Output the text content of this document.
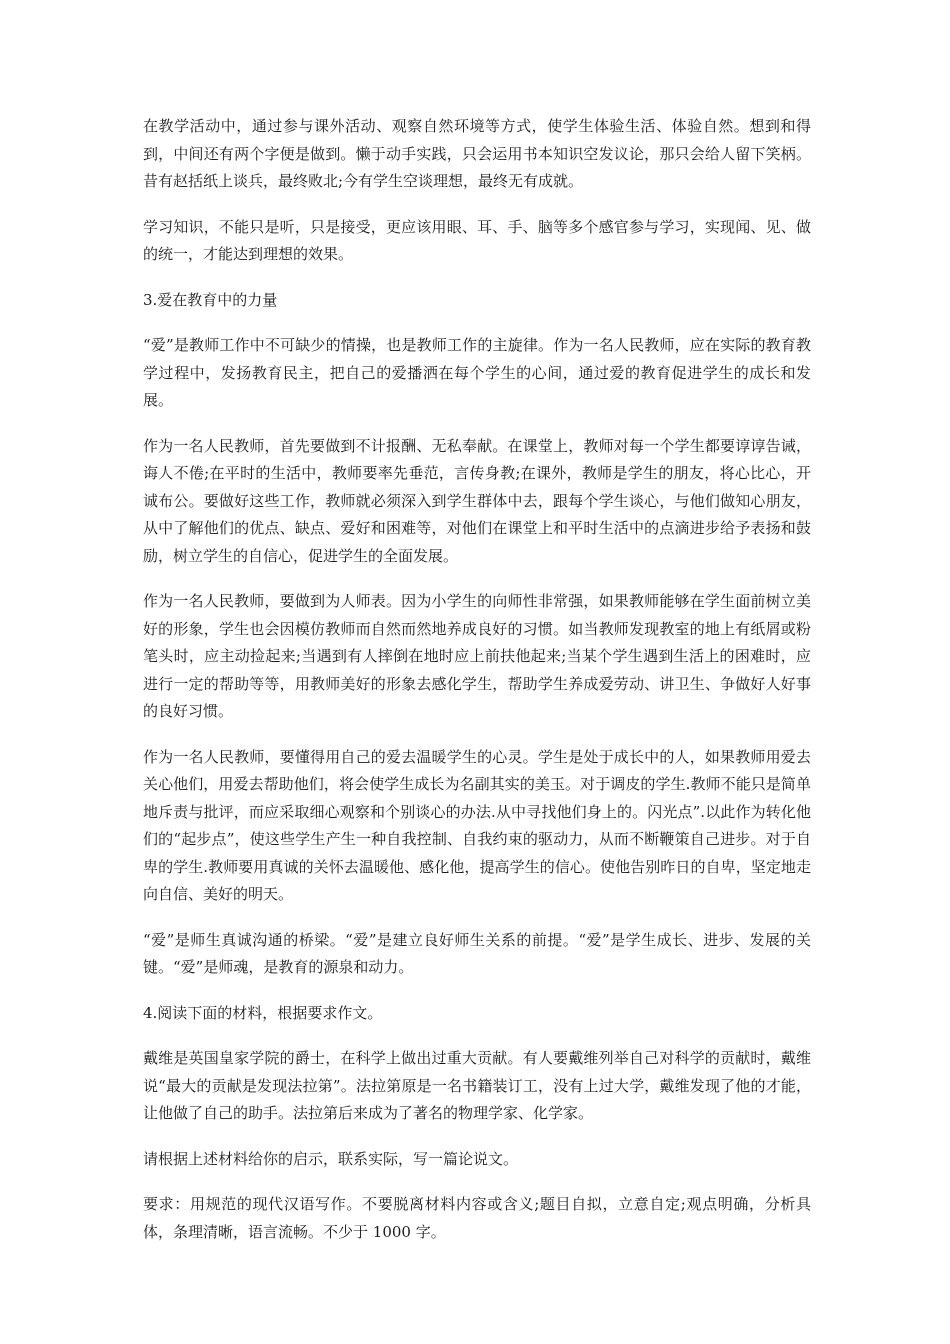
在教学活动中，通过参与课外活动、观察自然环境等方式，使学生体验生活、体验自然。想到和得到，中间还有两个字便是做到。懒于动手实践，只会运用书本知识空发议论，那只会给人留下笑柄。昔有赵括纸上谈兵，最终败北;今有学生空谈理想，最终无有成就。

学习知识，不能只是听，只是接受，更应该用眼、耳、手、脑等多个感官参与学习，实现闻、见、做的统一，才能达到理想的效果。

3.爱在教育中的力量

“爱”是教师工作中不可缺少的情操，也是教师工作的主旋律。作为一名人民教师，应在实际的教育教学过程中，发扬教育民主，把自己的爱播洒在每个学生的心间，通过爱的教育促进学生的成长和发展。

作为一名人民教师，首先要做到不计报酬、无私奉献。在课堂上，教师对每一个学生都要谆谆告诫，诲人不倦;在平时的生活中，教师要率先垂范，言传身教;在课外，教师是学生的朋友，将心比心，开诚布公。要做好这些工作，教师就必须深入到学生群体中去，跟每个学生谈心，与他们做知心朋友，从中了解他们的优点、缺点、爱好和困难等，对他们在课堂上和平时生活中的点滴进步给予表扬和鼓励，树立学生的自信心，促进学生的全面发展。

作为一名人民教师，要做到为人师表。因为小学生的向师性非常强，如果教师能够在学生面前树立美好的形象，学生也会因模仿教师而自然而然地养成良好的习惯。如当教师发现教室的地上有纸屑或粉笔头时，应主动捡起来;当遇到有人摔倒在地时应上前扶他起来;当某个学生遇到生活上的困难时，应进行一定的帮助等等，用教师美好的形象去感化学生，帮助学生养成爱劳动、讲卫生、争做好人好事的良好习惯。

作为一名人民教师，要懂得用自己的爱去温暖学生的心灵。学生是处于成长中的人，如果教师用爱去关心他们，用爱去帮助他们，将会使学生成长为名副其实的美玉。对于调皮的学生.教师不能只是简单地斥责与批评，而应采取细心观察和个别谈心的办法.从中寻找他们身上的。闪光点”.以此作为转化他们的“起步点”，使这些学生产生一种自我控制、自我约束的驱动力，从而不断鞭策自己进步。对于自卑的学生.教师要用真诚的关怀去温暖他、感化他，提高学生的信心。使他告别昨日的自卑，坚定地走向自信、美好的明天。

“爱”是师生真诚沟通的桥梁。“爱”是建立良好师生关系的前提。“爱”是学生成长、进步、发展的关键。“爱”是师魂，是教育的源泉和动力。

4.阅读下面的材料，根据要求作文。

戴维是英国皇家学院的爵士，在科学上做出过重大贡献。有人要戴维列举自己对科学的贡献时，戴维说“最大的贡献是发现法拉第”。法拉第原是一名书籍装订工，没有上过大学，戴维发现了他的才能，让他做了自己的助手。法拉第后来成为了著名的物理学家、化学家。

请根据上述材料给你的启示，联系实际，写一篇论说文。

要求：用规范的现代汉语写作。不要脱离材料内容或含义;题目自拟，立意自定;观点明确，分析具体，条理清晰，语言流畅。不少于 1000 字。
